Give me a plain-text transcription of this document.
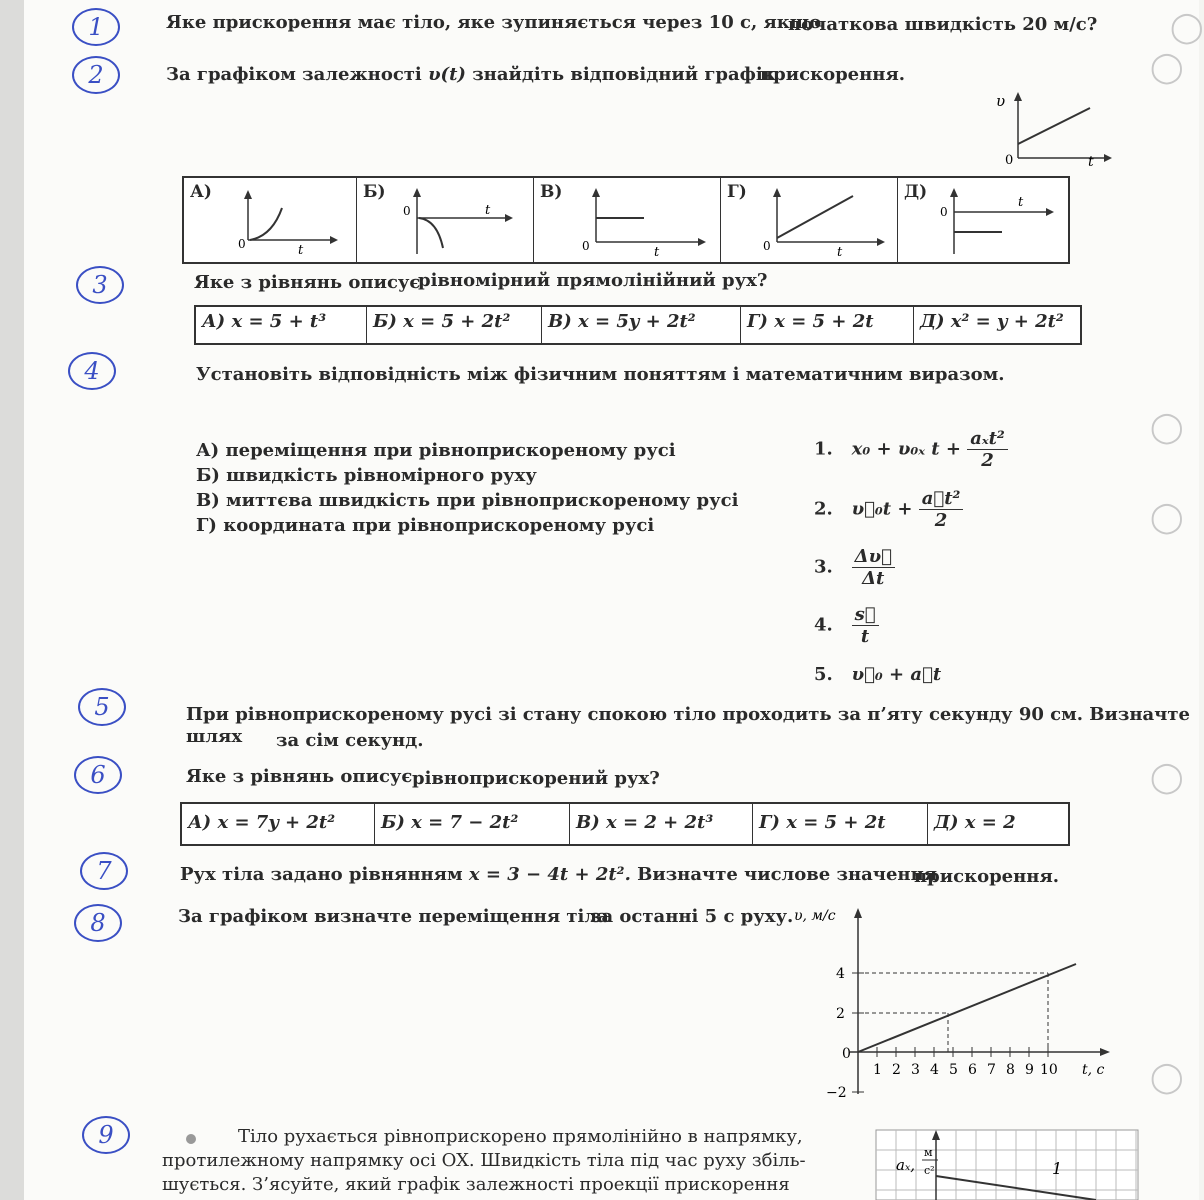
◯
◯
◯
◯
◯
◯
1	Яке прискорення має тіло, яке зупиняється через 10 с, якщо
початкова швидкість 20 м/с?
2	За графіком залежності υ(t) знайдіть відповідний графік
прискорення.
υ
0	t
А)
0	t
Б)
0	t
В)
0	t
Г)
0	t
Д)
0
t
3	Яке з рівнянь описує
рівномірний прямолінійний рух?
А) x = 5 + t³	Б) x = 5 + 2t²	В) x = 5y + 2t²	Г) x = 5 + 2t	Д) x² = y + 2t²
4	Установіть відповідність між фізичним поняттям і математичним виразом.
А) переміщення при рівноприскореному русі
Б) швидкість рівномірного руху
В) миттєва швидкість при рівноприскореному русі
Г) координата при рівноприскореному русі
1. x₀ + υ₀ₓ $t + \frac{\text{aₓt²}}{2}$
2. υ⃗₀t + $\frac{\text{a⃗t²}}{2}$
3. $\frac{\Delta\upsilon⃗}{\Delta t}$
4. $\frac{s⃗}{t}$
5. υ⃗₀ + a⃗t
5	При рівноприскореному русі зі стану спокою тіло проходить за п’яту секунду 90 см. Визначте
шлях за сім секунд.
6	Яке з рівнянь описує рівноприскорений рух?
А) x = 7y + 2t²	Б) x = 7 − 2t²	В) x = 2 + 2t³	Г) x = 5 + 2t	Д) x = 2
7	Рух тіла задано рівнянням x = 3 − 4t + 2t². Визначте числове значення
прискорення.
8	За графіком визначте переміщення тіла
за останні 5 с руху.
4
2
0
−2
1 2 3 4 5 6 7 8 9 10
υ, м/с
t, с
9	Тіло рухається рівноприскорено прямолінійно в напрямку,
протилежному напрямку осі OX. Швидкість тіла під час руху збіль-
шується. З’ясуйте, який графік залежності проекції прискорення
aₓ,
м
с²	1
